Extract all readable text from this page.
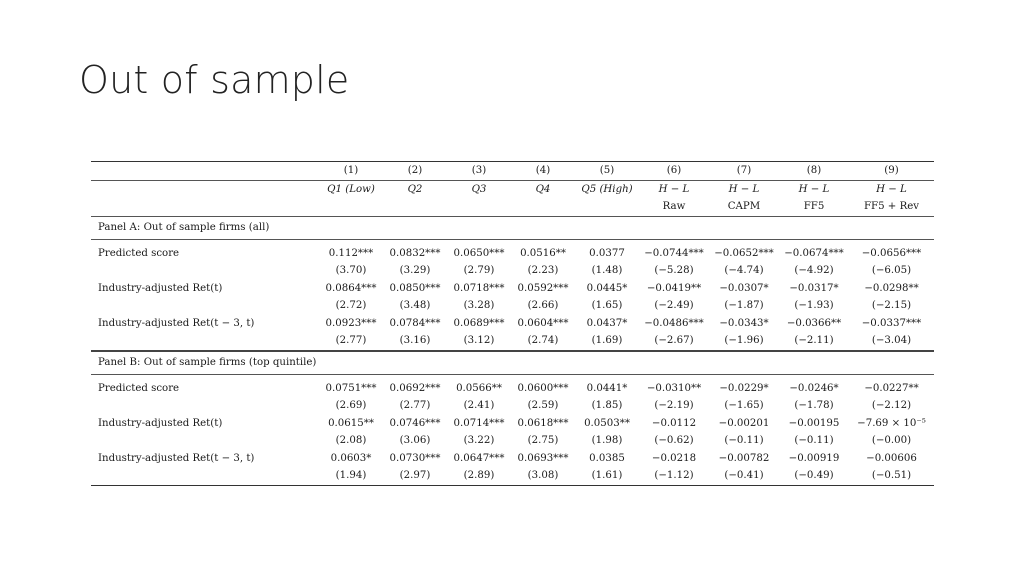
Out of sample
	(1)	(2)	(3)	(4)	(5)	(6)	(7)	(8)	(9)
	Q1 (Low)	Q2	Q3	Q4	Q5 (High)	H − L	H − L	H − L	H − L
						Raw	CAPM	FF5	FF5 + Rev
Panel A: Out of sample firms (all)									
Predicted score	0.112***	0.0832***	0.0650***	0.0516**	0.0377	−0.0744***	−0.0652***	−0.0674***	−0.0656***
	(3.70)	(3.29)	(2.79)	(2.23)	(1.48)	(−5.28)	(−4.74)	(−4.92)	(−6.05)
Industry-adjusted Ret(t)	0.0864***	0.0850***	0.0718***	0.0592***	0.0445*	−0.0419**	−0.0307*	−0.0317*	−0.0298**
	(2.72)	(3.48)	(3.28)	(2.66)	(1.65)	(−2.49)	(−1.87)	(−1.93)	(−2.15)
Industry-adjusted Ret(t − 3, t)	0.0923***	0.0784***	0.0689***	0.0604***	0.0437*	−0.0486***	−0.0343*	−0.0366**	−0.0337***
	(2.77)	(3.16)	(3.12)	(2.74)	(1.69)	(−2.67)	(−1.96)	(−2.11)	(−3.04)
Panel B: Out of sample firms (top quintile)									
Predicted score	0.0751***	0.0692***	0.0566**	0.0600***	0.0441*	−0.0310**	−0.0229*	−0.0246*	−0.0227**
	(2.69)	(2.77)	(2.41)	(2.59)	(1.85)	(−2.19)	(−1.65)	(−1.78)	(−2.12)
Industry-adjusted Ret(t)	0.0615**	0.0746***	0.0714***	0.0618***	0.0503**	−0.0112	−0.00201	−0.00195	−7.69 × 10⁻⁵
	(2.08)	(3.06)	(3.22)	(2.75)	(1.98)	(−0.62)	(−0.11)	(−0.11)	(−0.00)
Industry-adjusted Ret(t − 3, t)	0.0603*	0.0730***	0.0647***	0.0693***	0.0385	−0.0218	−0.00782	−0.00919	−0.00606
	(1.94)	(2.97)	(2.89)	(3.08)	(1.61)	(−1.12)	(−0.41)	(−0.49)	(−0.51)
